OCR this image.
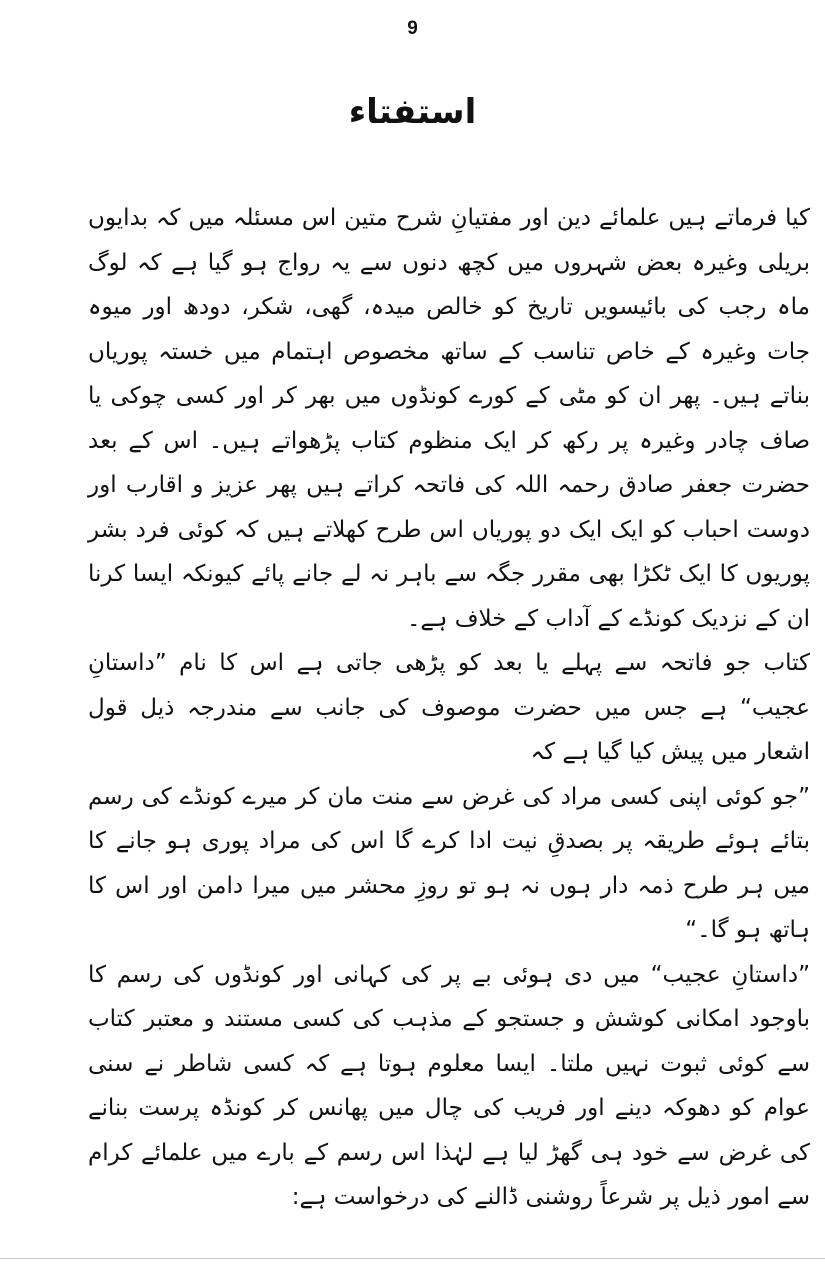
9
استفتاء

کیا فرماتے ہیں علمائے دین اور مفتیانِ شرح متین اس مسئلہ میں کہ بدایوں بریلی وغیرہ بعض شہروں میں کچھ دنوں سے یہ رواج ہو گیا ہے کہ لوگ ماہ رجب کی بائیسویں تاریخ کو خالص میدہ، گھی، شکر، دودھ اور میوہ جات وغیرہ کے خاص تناسب کے ساتھ مخصوص اہتمام میں خستہ پوریاں بناتے ہیں۔ پھر ان کو مٹی کے کورے کونڈوں میں بھر کر اور کسی چوکی یا صاف چادر وغیرہ پر رکھ کر ایک منظوم کتاب پڑھواتے ہیں۔ اس کے بعد حضرت جعفر صادق رحمہ اللہ کی فاتحہ کراتے ہیں پھر عزیز و اقارب اور دوست احباب کو ایک ایک دو پوریاں اس طرح کھلاتے ہیں کہ کوئی فرد بشر پوریوں کا ایک ٹکڑا بھی مقرر جگہ سے باہر نہ لے جانے پائے کیونکہ ایسا کرنا ان کے نزدیک کونڈے کے آداب کے خلاف ہے۔

کتاب جو فاتحہ سے پہلے یا بعد کو پڑھی جاتی ہے اس کا نام ”داستانِ عجیب“ ہے جس میں حضرت موصوف کی جانب سے مندرجہ ذیل قول اشعار میں پیش کیا گیا ہے کہ

”جو کوئی اپنی کسی مراد کی غرض سے منت مان کر میرے کونڈے کی رسم بتائے ہوئے طریقہ پر بصدقِ نیت ادا کرے گا اس کی مراد پوری ہو جانے کا میں ہر طرح ذمہ دار ہوں نہ ہو تو روزِ محشر میں میرا دامن اور اس کا ہاتھ ہو گا۔“

”داستانِ عجیب“ میں دی ہوئی بے پر کی کہانی اور کونڈوں کی رسم کا باوجود امکانی کوشش و جستجو کے مذہب کی کسی مستند و معتبر کتاب سے کوئی ثبوت نہیں ملتا۔ ایسا معلوم ہوتا ہے کہ کسی شاطر نے سنی عوام کو دھوکہ دینے اور فریب کی چال میں پھانس کر کونڈہ پرست بنانے کی غرض سے خود ہی گھڑ لیا ہے لہٰذا اس رسم کے بارے میں علمائے کرام سے امور ذیل پر شرعاً روشنی ڈالنے کی درخواست ہے:
